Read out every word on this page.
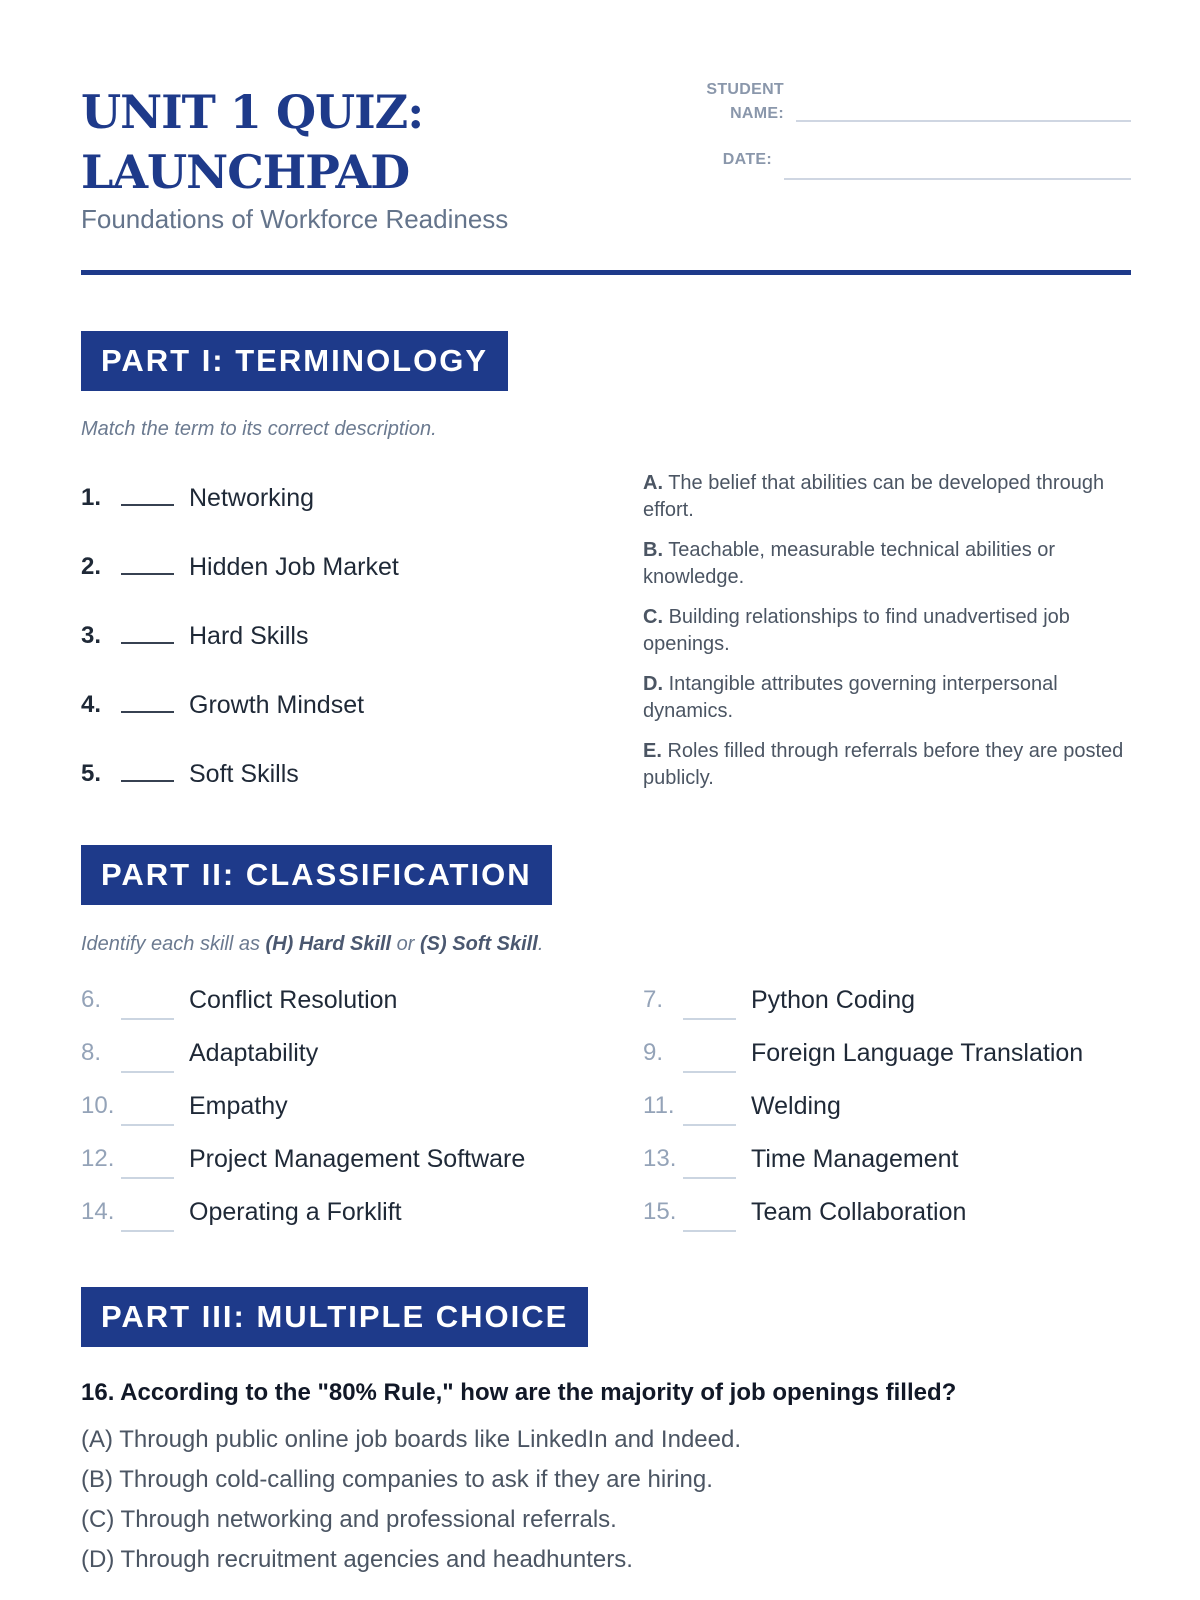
UNIT 1 QUIZ:
LAUNCHPAD

Foundations of Workforce Readiness

STUDENT
NAME:
DATE:
PART I: TERMINOLOGY

Match the term to its correct description.

1.	Networking
2.	Hidden Job Market
3.	Hard Skills
4.	Growth Mindset
5.	Soft Skills
A. The belief that abilities can be developed through effort.
B. Teachable, measurable technical abilities or knowledge.
C. Building relationships to find unadvertised job openings.
D. Intangible attributes governing interpersonal dynamics.
E. Roles filled through referrals before they are posted publicly.
PART II: CLASSIFICATION

Identify each skill as (H) Hard Skill or (S) Soft Skill.

6.	Conflict Resolution	7.	Python Coding
8.	Adaptability	9.	Foreign Language Translation
10.	Empathy	11.	Welding
12.	Project Management Software	13.	Time Management
14.	Operating a Forklift	15.	Team Collaboration
PART III: MULTIPLE CHOICE

16. According to the "80% Rule," how are the majority of job openings filled?

(A) Through public online job boards like LinkedIn and Indeed.
(B) Through cold-calling companies to ask if they are hiring.
(C) Through networking and professional referrals.
(D) Through recruitment agencies and headhunters.
